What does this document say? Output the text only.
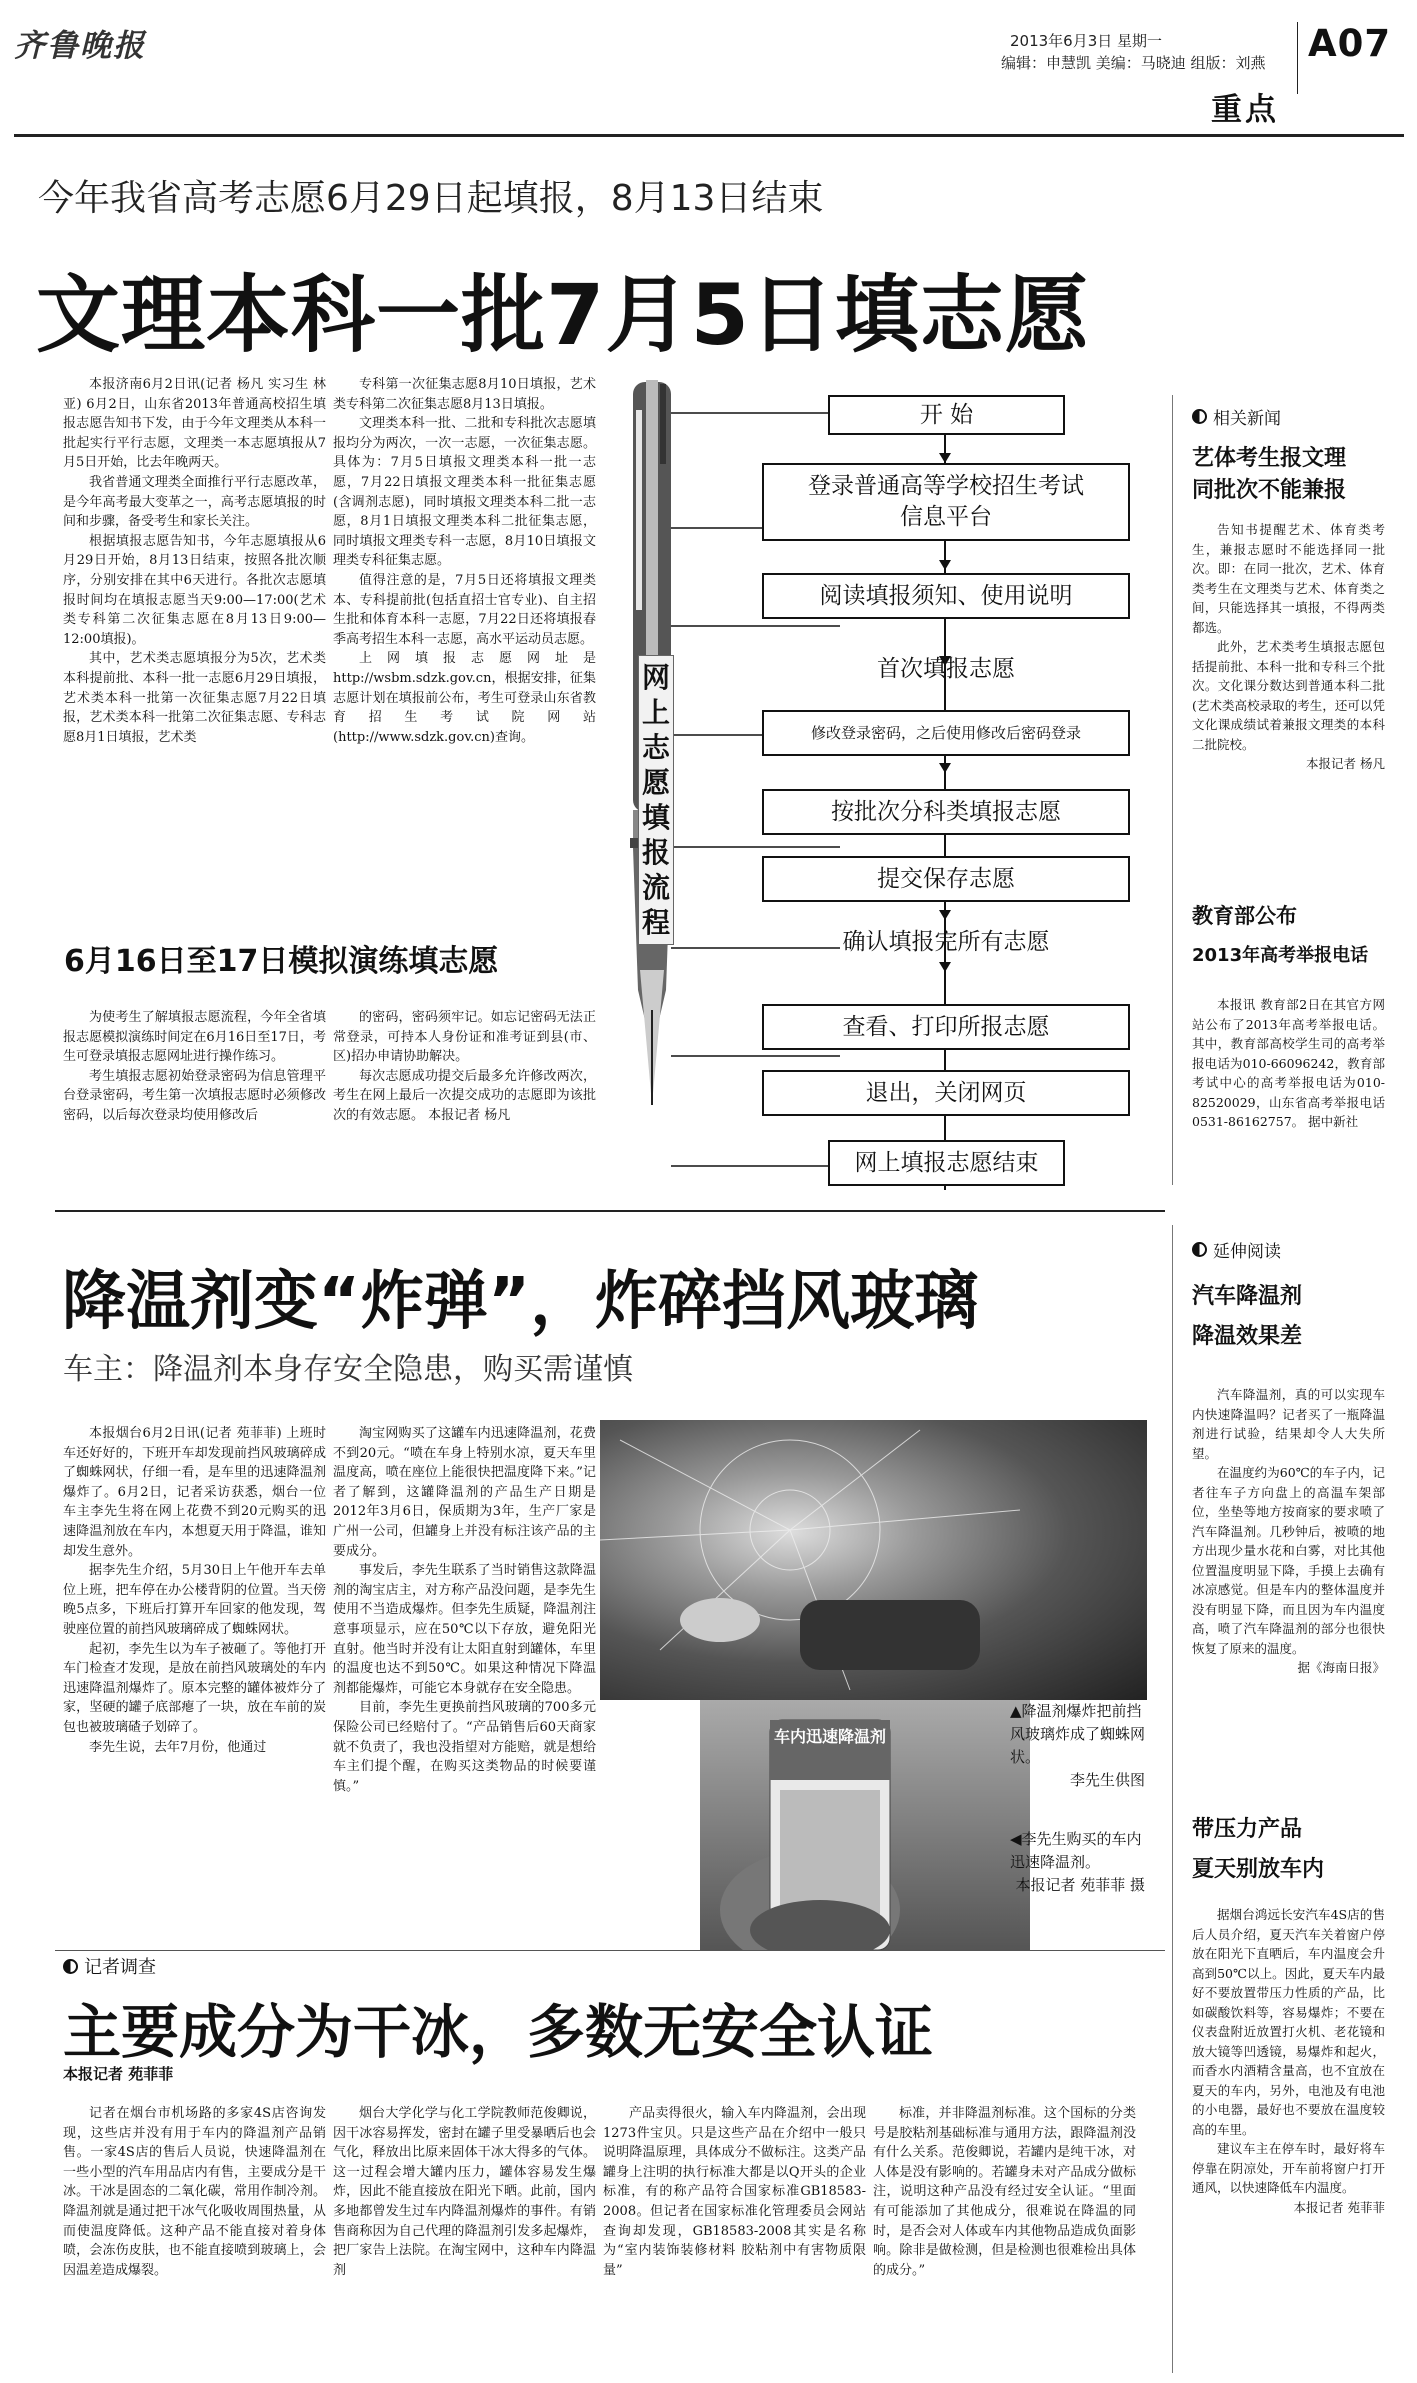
齐鲁晚报	2013年6月3日 星期一
编辑：申慧凯 美编：马晓迪 组版：刘燕 A07
重点
今年我省高考志愿6月29日起填报，8月13日结束
文理本科一批7月5日填志愿

本报济南6月2日讯(记者 杨凡 实习生 林亚) 6月2日，山东省2013年普通高校招生填报志愿告知书下发，由于今年文理类从本科一批起实行平行志愿，文理类一本志愿填报从7月5日开始，比去年晚两天。

我省普通文理类全面推行平行志愿改革，是今年高考最大变革之一，高考志愿填报的时间和步骤，备受考生和家长关注。

根据填报志愿告知书，今年志愿填报从6月29日开始，8月13日结束，按照各批次顺序，分别安排在其中6天进行。各批次志愿填报时间均在填报志愿当天9:00—17:00(艺术类专科第二次征集志愿在8月13日9:00—12:00填报)。

其中，艺术类志愿填报分为5次，艺术类本科提前批、本科一批一志愿6月29日填报，艺术类本科一批第一次征集志愿7月22日填报，艺术类本科一批第二次征集志愿、专科志愿8月1日填报，艺术类

专科第一次征集志愿8月10日填报，艺术类专科第二次征集志愿8月13日填报。

文理类本科一批、二批和专科批次志愿填报均分为两次，一次一志愿，一次征集志愿。具体为：7月5日填报文理类本科一批一志愿，7月22日填报文理类本科一批征集志愿(含调剂志愿)，同时填报文理类本科二批一志愿，8月1日填报文理类本科二批征集志愿，同时填报文理类专科一志愿，8月10日填报文理类专科征集志愿。

值得注意的是，7月5日还将填报文理类本、专科提前批(包括直招士官专业)、自主招生批和体育本科一志愿，7月22日还将填报春季高考招生本科一志愿，高水平运动员志愿。

上网填报志愿网址是http://wsbm.sdzk.gov.cn，根据安排，征集志愿计划在填报前公布，考生可登录山东省教育招生考试院网站(http://www.sdzk.gov.cn)查询。

6月16日至17日模拟演练填志愿

为使考生了解填报志愿流程，今年全省填报志愿模拟演练时间定在6月16日至17日，考生可登录填报志愿网址进行操作练习。

考生填报志愿初始登录密码为信息管理平台登录密码，考生第一次填报志愿时必须修改密码，以后每次登录均使用修改后

的密码，密码须牢记。如忘记密码无法正常登录，可持本人身份证和准考证到县(市、区)招办申请协助解决。

每次志愿成功提交后最多允许修改两次，考生在网上最后一次提交成功的志愿即为该批次的有效志愿。 本报记者 杨凡

网上志愿填报流程
开 始
登录普通高等学校招生考试信息平台
阅读填报须知、使用说明
首次填报志愿
修改登录密码，之后使用修改后密码登录
按批次分科类填报志愿
提交保存志愿
确认填报完所有志愿
查看、打印所报志愿
退出，关闭网页
网上填报志愿结束
相关新闻
艺体考生报文理
同批次不能兼报

告知书提醒艺术、体育类考生，兼报志愿时不能选择同一批次。即：在同一批次，艺术、体育类考生在文理类与艺术、体育类之间，只能选择其一填报，不得两类都选。

此外，艺术类考生填报志愿包括提前批、本科一批和专科三个批次。文化课分数达到普通本科二批(艺术类高校录取的考生，还可以凭文化课成绩试着兼报文理类的本科二批院校。

本报记者 杨凡

教育部公布
2013年高考举报电话

本报讯 教育部2日在其官方网站公布了2013年高考举报电话。其中，教育部高校学生司的高考举报电话为010-66096242，教育部考试中心的高考举报电话为010-82520029，山东省高考举报电话0531-86162757。 据中新社

降温剂变“炸弹”，炸碎挡风玻璃
车主：降温剂本身存安全隐患，购买需谨慎

本报烟台6月2日讯(记者 苑菲菲) 上班时车还好好的，下班开车却发现前挡风玻璃碎成了蜘蛛网状，仔细一看，是车里的迅速降温剂爆炸了。6月2日，记者采访获悉，烟台一位车主李先生将在网上花费不到20元购买的迅速降温剂放在车内，本想夏天用于降温，谁知却发生意外。

据李先生介绍，5月30日上午他开车去单位上班，把车停在办公楼背阴的位置。当天傍晚5点多，下班后打算开车回家的他发现，驾驶座位置的前挡风玻璃碎成了蜘蛛网状。

起初，李先生以为车子被砸了。等他打开车门检查才发现，是放在前挡风玻璃处的车内迅速降温剂爆炸了。原本完整的罐体被炸分了家，坚硬的罐子底部瘪了一块，放在车前的炭包也被玻璃碴子划碎了。

李先生说，去年7月份，他通过

淘宝网购买了这罐车内迅速降温剂，花费不到20元。“喷在车身上特别水凉，夏天车里温度高，喷在座位上能很快把温度降下来。”记者了解到，这罐降温剂的产品生产日期是2012年3月6日，保质期为3年，生产厂家是广州一公司，但罐身上并没有标注该产品的主要成分。

事发后，李先生联系了当时销售这款降温剂的淘宝店主，对方称产品没问题，是李先生使用不当造成爆炸。但李先生质疑，降温剂注意事项显示，应在50℃以下存放，避免阳光直射。他当时并没有让太阳直射到罐体，车里的温度也达不到50℃。如果这种情况下降温剂都能爆炸，可能它本身就存在安全隐患。

目前，李先生更换前挡风玻璃的700多元保险公司已经赔付了。“产品销售后60天商家就不负责了，我也没指望对方能赔，就是想给车主们提个醒，在购买这类物品的时候要谨慎。”

车内迅速降温剂
▲降温剂爆炸把前挡风玻璃炸成了蜘蛛网状。
李先生供图
◀李先生购买的车内迅速降温剂。
本报记者 苑菲菲 摄
记者调查
主要成分为干冰，多数无安全认证
本报记者 苑菲菲

记者在烟台市机场路的多家4S店咨询发现，这些店并没有用于车内的降温剂产品销售。一家4S店的售后人员说，快速降温剂在一些小型的汽车用品店内有售，主要成分是干冰。干冰是固态的二氧化碳，常用作制冷剂。降温剂就是通过把干冰气化吸收周围热量，从而使温度降低。这种产品不能直接对着身体喷，会冻伤皮肤，也不能直接喷到玻璃上，会因温差造成爆裂。

烟台大学化学与化工学院教师范俊卿说，因干冰容易挥发，密封在罐子里受暴晒后也会气化，释放出比原来固体干冰大得多的气体。这一过程会增大罐内压力，罐体容易发生爆炸，因此不能直接放在阳光下晒。此前，国内多地都曾发生过车内降温剂爆炸的事件。有销售商称因为自己代理的降温剂引发多起爆炸，把厂家告上法院。在淘宝网中，这种车内降温剂

产品卖得很火，输入车内降温剂，会出现1273件宝贝。只是这些产品在介绍中一般只说明降温原理，具体成分不做标注。这类产品罐身上注明的执行标准大都是以Q开头的企业标准，有的称产品符合国家标准GB18583-2008。但记者在国家标准化管理委员会网站查询却发现，GB18583-2008其实是名称为“室内装饰装修材料 胶粘剂中有害物质限量”

标准，并非降温剂标准。这个国标的分类号是胶粘剂基础标准与通用方法，跟降温剂没有什么关系。范俊卿说，若罐内是纯干冰，对人体是没有影响的。若罐身未对产品成分做标注，说明这种产品没有经过安全认证。“里面有可能添加了其他成分，很难说在降温的同时，是否会对人体或车内其他物品造成负面影响。除非是做检测，但是检测也很难检出具体的成分。”

延伸阅读
汽车降温剂
降温效果差

汽车降温剂，真的可以实现车内快速降温吗？记者买了一瓶降温剂进行试验，结果却令人大失所望。

在温度约为60℃的车子内，记者往车子方向盘上的高温车架部位，坐垫等地方按商家的要求喷了汽车降温剂。几秒钟后，被喷的地方出现少量水花和白雾，对比其他位置温度明显下降，手摸上去确有冰凉感觉。但是车内的整体温度并没有明显下降，而且因为车内温度高，喷了汽车降温剂的部分也很快恢复了原来的温度。

据《海南日报》

带压力产品
夏天别放车内

据烟台鸿远长安汽车4S店的售后人员介绍，夏天汽车关着窗户停放在阳光下直晒后，车内温度会升高到50℃以上。因此，夏天车内最好不要放置带压力性质的产品，比如碳酸饮料等，容易爆炸；不要在仪表盘附近放置打火机、老花镜和放大镜等凹透镜，易爆炸和起火，而香水内酒精含量高，也不宜放在夏天的车内，另外，电池及有电池的小电器，最好也不要放在温度较高的车里。

建议车主在停车时，最好将车停靠在阴凉处，开车前将窗户打开通风，以快速降低车内温度。

本报记者 苑菲菲
